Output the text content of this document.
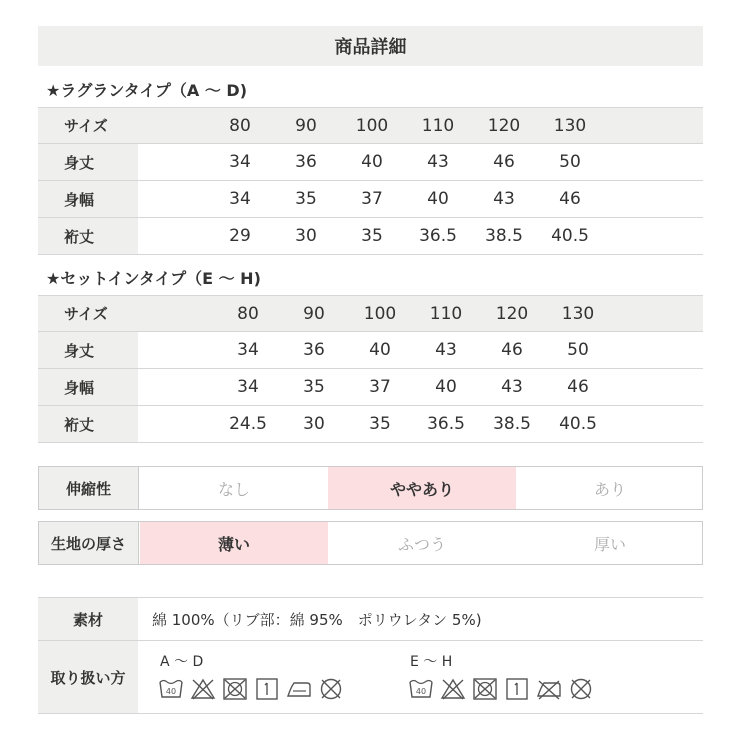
商品詳細
★ラグランタイプ（A ～ D)
サイズ	80	90	100	110	120	130
身丈	34	36	40	43	46	50
身幅	34	35	37	40	43	46
裄丈	29	30	35	36.5	38.5	40.5
★セットインタイプ（E ～ H)
サイズ	80	90	100	110	120	130
身丈	34	36	40	43	46	50
身幅	34	35	37	40	43	46
裄丈	24.5	30	35	36.5	38.5	40.5
伸縮性	なし	ややあり	あり
生地の厚さ	薄い	ふつう	厚い
素材	綿 100%（リブ部：綿 95%　ポリウレタン 5%)
取り扱い方
A ～ D
40
E ～ H
40
